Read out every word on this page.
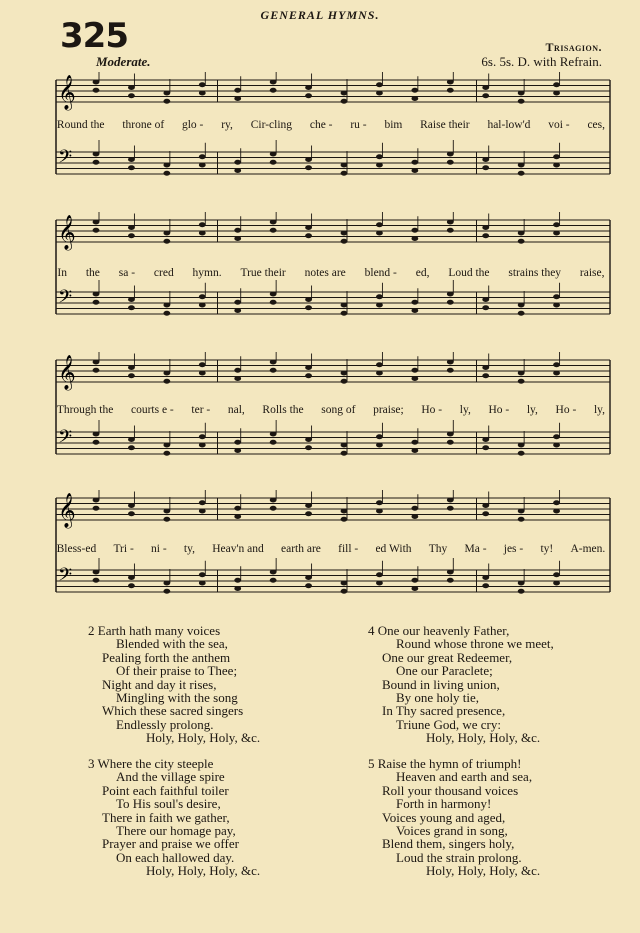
GENERAL HYMNS.
325	Trisagion.
Moderate.	6s. 5s. D. with Refrain.
𝄞
𝄢
Round the throne of glo - ry, Cir-cling che - ru - bim Raise their hal-low'd voi - ces,
𝄞
𝄢
In the sa - cred hymn. True their notes are blend - ed, Loud the strains they raise,
𝄞
𝄢
Through the courts e - ter - nal, Rolls the song of praise; Ho - ly, Ho - ly, Ho - ly,
𝄞
𝄢
Bless-ed Tri - ni - ty, Heav'n and earth are fill - ed With Thy Ma - jes - ty! A-men.
2 Earth hath many voices
Blended with the sea,
Pealing forth the anthem
Of their praise to Thee;
Night and day it rises,
Mingling with the song
Which these sacred singers
Endlessly prolong.
Holy, Holy, Holy, &c.
3 Where the city steeple
And the village spire
Point each faithful toiler
To His soul's desire,
There in faith we gather,
There our homage pay,
Prayer and praise we offer
On each hallowed day.
Holy, Holy, Holy, &c.
4 One our heavenly Father,
Round whose throne we meet,
One our great Redeemer,
One our Paraclete;
Bound in living union,
By one holy tie,
In Thy sacred presence,
Triune God, we cry:
Holy, Holy, Holy, &c.
5 Raise the hymn of triumph!
Heaven and earth and sea,
Roll your thousand voices
Forth in harmony!
Voices young and aged,
Voices grand in song,
Blend them, singers holy,
Loud the strain prolong.
Holy, Holy, Holy, &c.
